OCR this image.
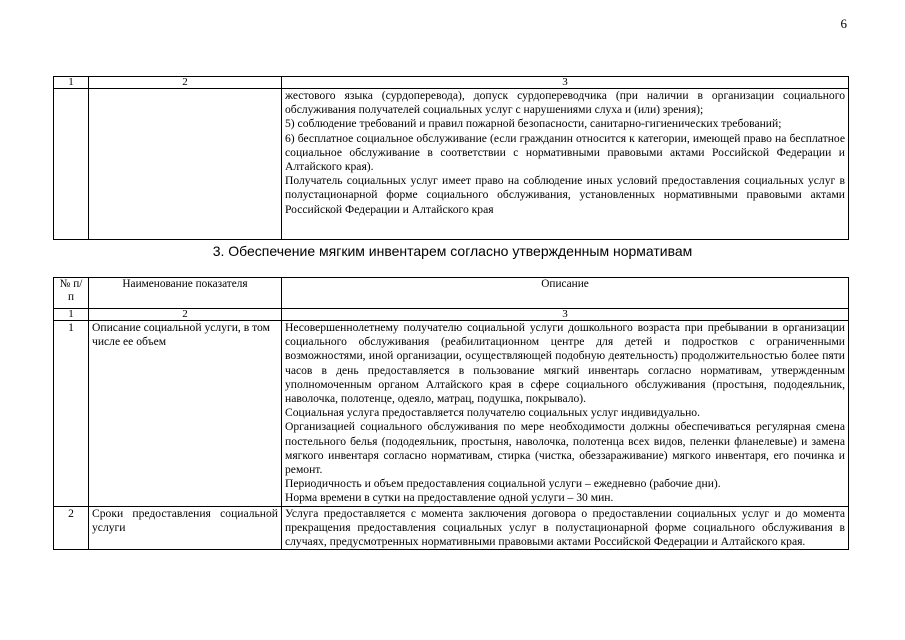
6
1	2	3

		жестового языка (сурдоперевода), допуск сурдопереводчика (при наличии в организации социального обслуживания получателей социальных услуг с нарушениями слуха и (или) зрения);
5) соблюдение требований и правил пожарной безопасности, санитарно-гигиенических требований;
6) бесплатное социальное обслуживание (если гражданин относится к категории, имеющей право на бесплатное социальное обслуживание в соответствии с нормативными правовыми актами Российской Федерации и Алтайского края).
Получатель социальных услуг имеет право на соблюдение иных условий предоставления социальных услуг в полустационарной форме социального обслуживания, установленных нормативными правовыми актами Российской Федерации и Алтайского края
3. Обеспечение мягким инвентарем согласно утвержденным нормативам
№ п/п	Наименование показателя	Описание
1	2	3
1	Описание социальной услуги, в том числе ее объем	Несовершеннолетнему получателю социальной услуги дошкольного возраста при пребывании в организации социального обслуживания (реабилитационном центре для детей и подростков с ограниченными возможностями, иной организации, осуществляющей подобную деятельность) продолжительностью более пяти часов в день предоставляется в пользование мягкий инвентарь согласно нормативам, утвержденным уполномоченным органом Алтайского края в сфере социального обслуживания (простыня, пододеяльник, наволочка, полотенце, одеяло, матрац, подушка, покрывало).
Социальная услуга предоставляется получателю социальных услуг индивидуально.
Организацией социального обслуживания по мере необходимости должны обеспечиваться регулярная смена постельного белья (пододеяльник, простыня, наволочка, полотенца всех видов, пеленки фланелевые) и замена мягкого инвентаря согласно нормативам, стирка (чистка, обеззараживание) мягкого инвентаря, его починка и ремонт.
Периодичность и объем предоставления социальной услуги – ежедневно (рабочие дни).
Норма времени в сутки на предоставление одной услуги – 30 мин.

2	Сроки предоставления социальной услуги	Услуга предоставляется с момента заключения договора о предоставлении социальных услуг и до момента прекращения предоставления социальных услуг в полустационарной форме социального обслуживания в случаях, предусмотренных нормативными правовыми актами Российской Федерации и Алтайского края.
